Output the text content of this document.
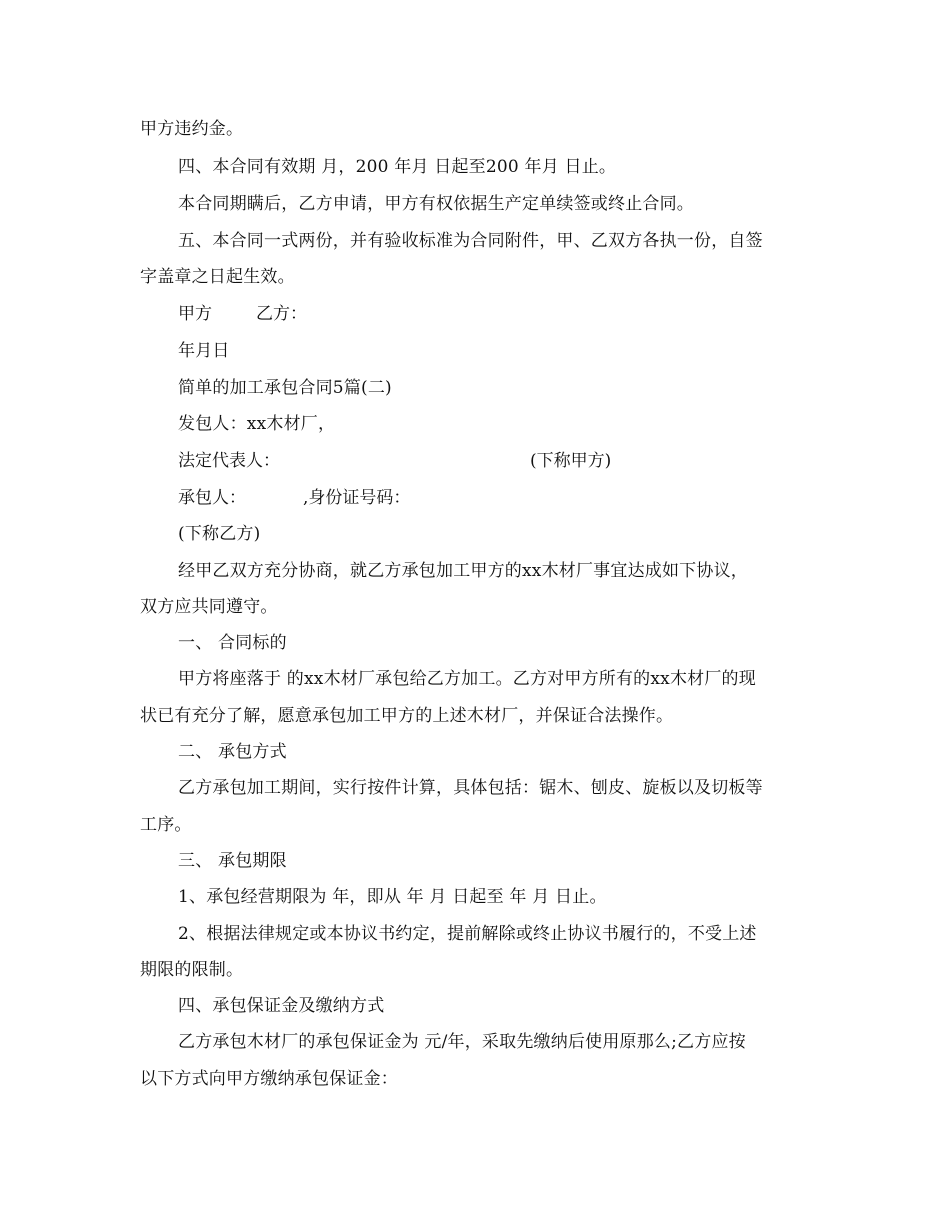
甲方违约金。
四、本合同有效期 月，200 年月 日起至200 年月 日止。
本合同期瞒后，乙方申请，甲方有权依据生产定单续签或终止合同。
五、本合同一式两份，并有验收标准为合同附件，甲、乙双方各执一份，自签
字盖章之日起生效。
甲方	乙方：
年月日
简单的加工承包合同5篇(二)
发包人：xx木材厂，
法定代表人：	(下称甲方)
承包人：	,身份证号码：
(下称乙方)
经甲乙双方充分协商，就乙方承包加工甲方的xx木材厂事宜达成如下协议，
双方应共同遵守。
一、 合同标的
甲方将座落于 的xx木材厂承包给乙方加工。乙方对甲方所有的xx木材厂的现
状已有充分了解，愿意承包加工甲方的上述木材厂，并保证合法操作。
二、 承包方式
乙方承包加工期间，实行按件计算，具体包括：锯木、刨皮、旋板以及切板等
工序。
三、 承包期限
1、承包经营期限为 年，即从 年 月 日起至 年 月 日止。
2、根据法律规定或本协议书约定，提前解除或终止协议书履行的，不受上述
期限的限制。
四、承包保证金及缴纳方式
乙方承包木材厂的承包保证金为 元/年，采取先缴纳后使用原那么;乙方应按
以下方式向甲方缴纳承包保证金：
